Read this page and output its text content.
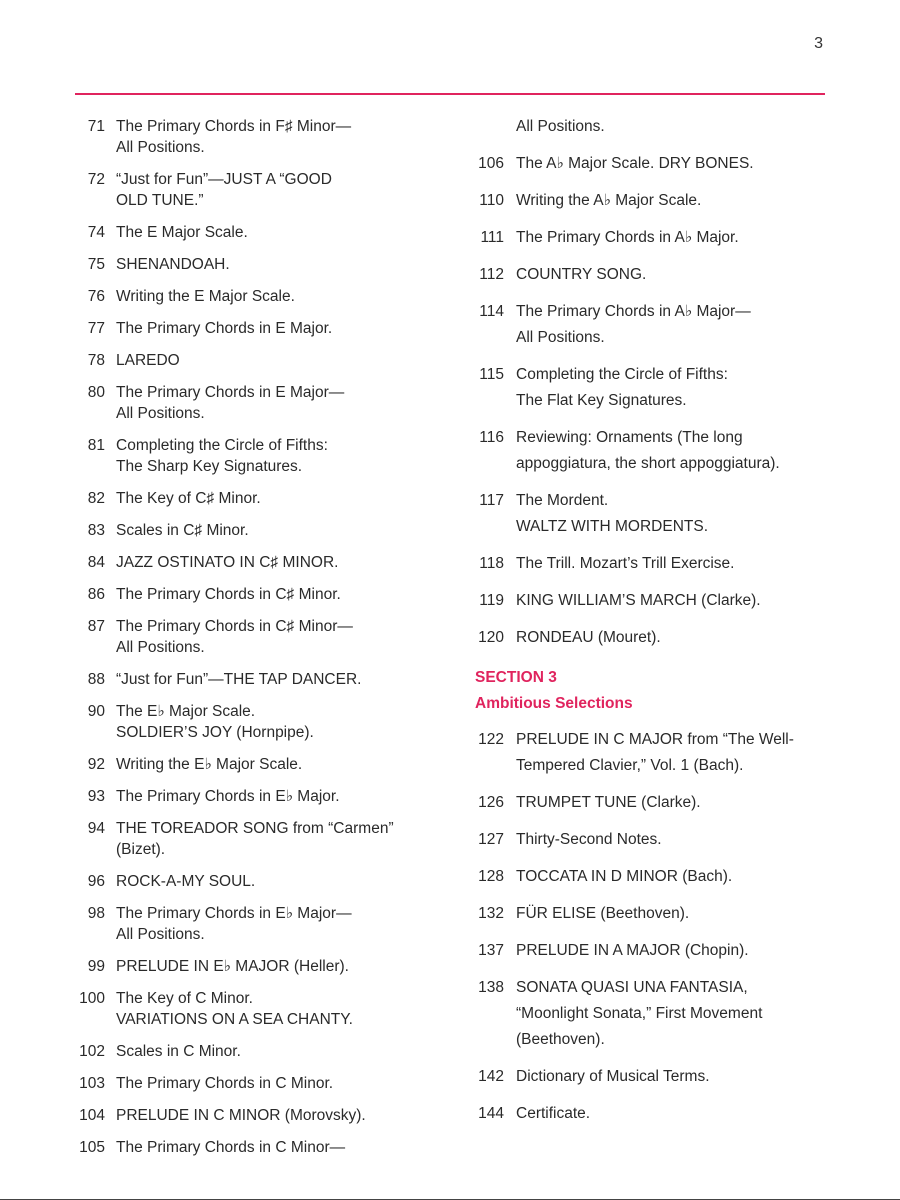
3
71 The Primary Chords in F♯ Minor—
All Positions.
72 “Just for Fun”—JUST A “GOOD
OLD TUNE.”
74 The E Major Scale.
75 SHENANDOAH.
76 Writing the E Major Scale.
77 The Primary Chords in E Major.
78 LAREDO
80 The Primary Chords in E Major—
All Positions.
81 Completing the Circle of Fifths:
The Sharp Key Signatures.
82 The Key of C♯ Minor.
83 Scales in C♯ Minor.
84 JAZZ OSTINATO IN C♯ MINOR.
86 The Primary Chords in C♯ Minor.
87 The Primary Chords in C♯ Minor—
All Positions.
88 “Just for Fun”—THE TAP DANCER.
90 The E♭ Major Scale.
SOLDIER’S JOY (Hornpipe).
92 Writing the E♭ Major Scale.
93 The Primary Chords in E♭ Major.
94 THE TOREADOR SONG from “Carmen”
(Bizet).
96 ROCK-A-MY SOUL.
98 The Primary Chords in E♭ Major—
All Positions.
99 PRELUDE IN E♭ MAJOR (Heller).
100 The Key of C Minor.
VARIATIONS ON A SEA CHANTY.
102 Scales in C Minor.
103 The Primary Chords in C Minor.
104 PRELUDE IN C MINOR (Morovsky).
105 The Primary Chords in C Minor—
All Positions.
106 The A♭ Major Scale. DRY BONES.
110 Writing the A♭ Major Scale.
111 The Primary Chords in A♭ Major.
112 COUNTRY SONG.
114 The Primary Chords in A♭ Major—
All Positions.
115 Completing the Circle of Fifths:
The Flat Key Signatures.
116 Reviewing: Ornaments (The long
appoggiatura, the short appoggiatura).
117 The Mordent.
WALTZ WITH MORDENTS.
118 The Trill. Mozart’s Trill Exercise.
119 KING WILLIAM’S MARCH (Clarke).
120 RONDEAU (Mouret).
SECTION 3
Ambitious Selections
122 PRELUDE IN C MAJOR from “The Well-
Tempered Clavier,” Vol. 1 (Bach).
126 TRUMPET TUNE (Clarke).
127 Thirty-Second Notes.
128 TOCCATA IN D MINOR (Bach).
132 FÜR ELISE (Beethoven).
137 PRELUDE IN A MAJOR (Chopin).
138 SONATA QUASI UNA FANTASIA,
“Moonlight Sonata,” First Movement
(Beethoven).
142 Dictionary of Musical Terms.
144 Certificate.
